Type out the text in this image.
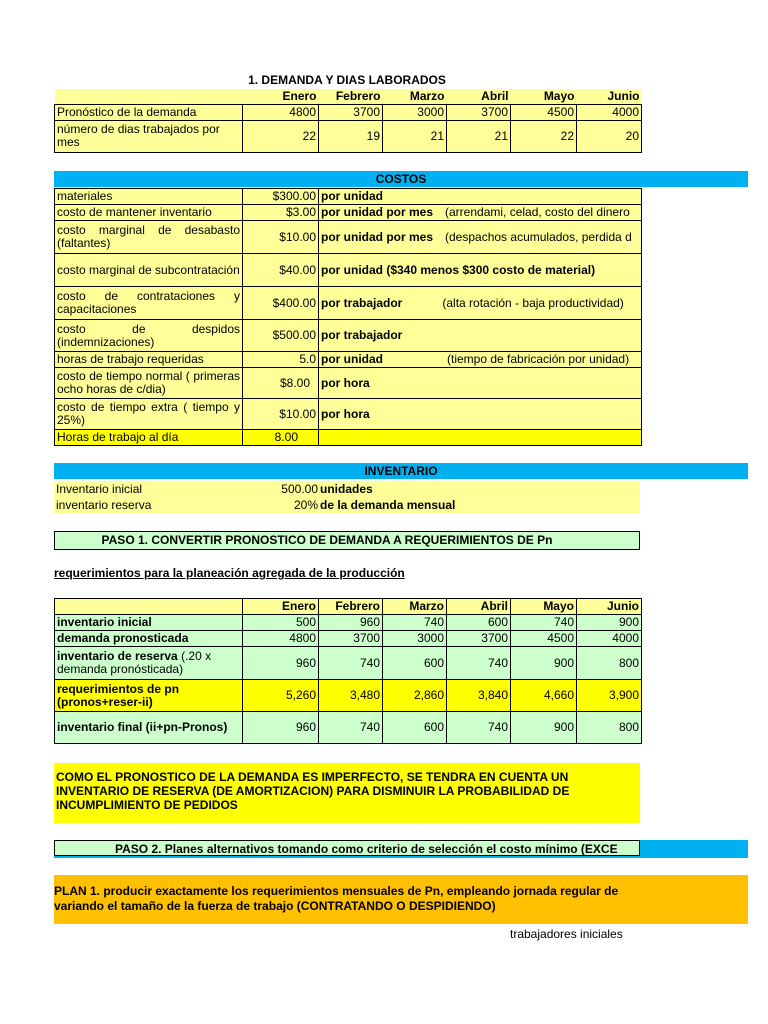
1. DEMANDA Y DIAS LABORADOS
	Enero	Febrero	Marzo	Abril	Mayo	Junio
Pronóstico de la demanda	4800	3700	3000	3700	4500	4000
número de dias trabajados por mes	22	19	21	21	22	20
COSTOS
materiales	$300.00	por unidad
costo de mantener inventario	$3.00	por unidad por mes (arrendami, celad, costo del dinero
costo marginal de desabasto (faltantes)	$10.00	por unidad por mes (despachos acumulados, perdida d
costo marginal de subcontratación	$40.00	por unidad ($340 menos $300 costo de material)
costo de contrataciones y capacitaciones	$400.00	por trabajador (alta rotación - baja productividad)
costo de despidos (indemnizaciones)	$500.00	por trabajador
horas de trabajo requeridas	5.0	por unidad (tiempo de fabricación por unidad)
costo de tiempo normal ( primeras ocho horas de c/dia)	$8.00	por hora
costo de tiempo extra ( tiempo y 25%)	$10.00	por hora
Horas de trabajo al día	8.00	
INVENTARIO
Inventario inicial	500.00 unidades
inventario reserva	20% de la demanda mensual
PASO 1. CONVERTIR PRONOSTICO DE DEMANDA A REQUERIMIENTOS DE Pn
requerimientos para la planeación agregada de la producción
	Enero	Febrero	Marzo	Abril	Mayo	Junio
inventario inicial	500	960	740	600	740	900
demanda pronosticada	4800	3700	3000	3700	4500	4000
inventario de reserva (.20 x demanda pronósticada)	960	740	600	740	900	800
requerimientos de pn (pronos+reser-ii)	5,260	3,480	2,860	3,840	4,660	3,900
inventario final (ii+pn-Pronos)	960	740	600	740	900	800
COMO EL PRONOSTICO DE LA DEMANDA ES IMPERFECTO, SE TENDRA EN CUENTA UN INVENTARIO DE RESERVA (DE AMORTIZACION) PARA DISMINUIR LA PROBABILIDAD DE INCUMPLIMIENTO DE PEDIDOS
PASO 2. Planes alternativos tomando como criterio de selección el costo mínimo (EXCE
PLAN 1. producir exactamente los requerimientos mensuales de Pn, empleando jornada regular de variando el tamaño de la fuerza de trabajo (CONTRATANDO O DESPIDIENDO)
trabajadores iniciales
